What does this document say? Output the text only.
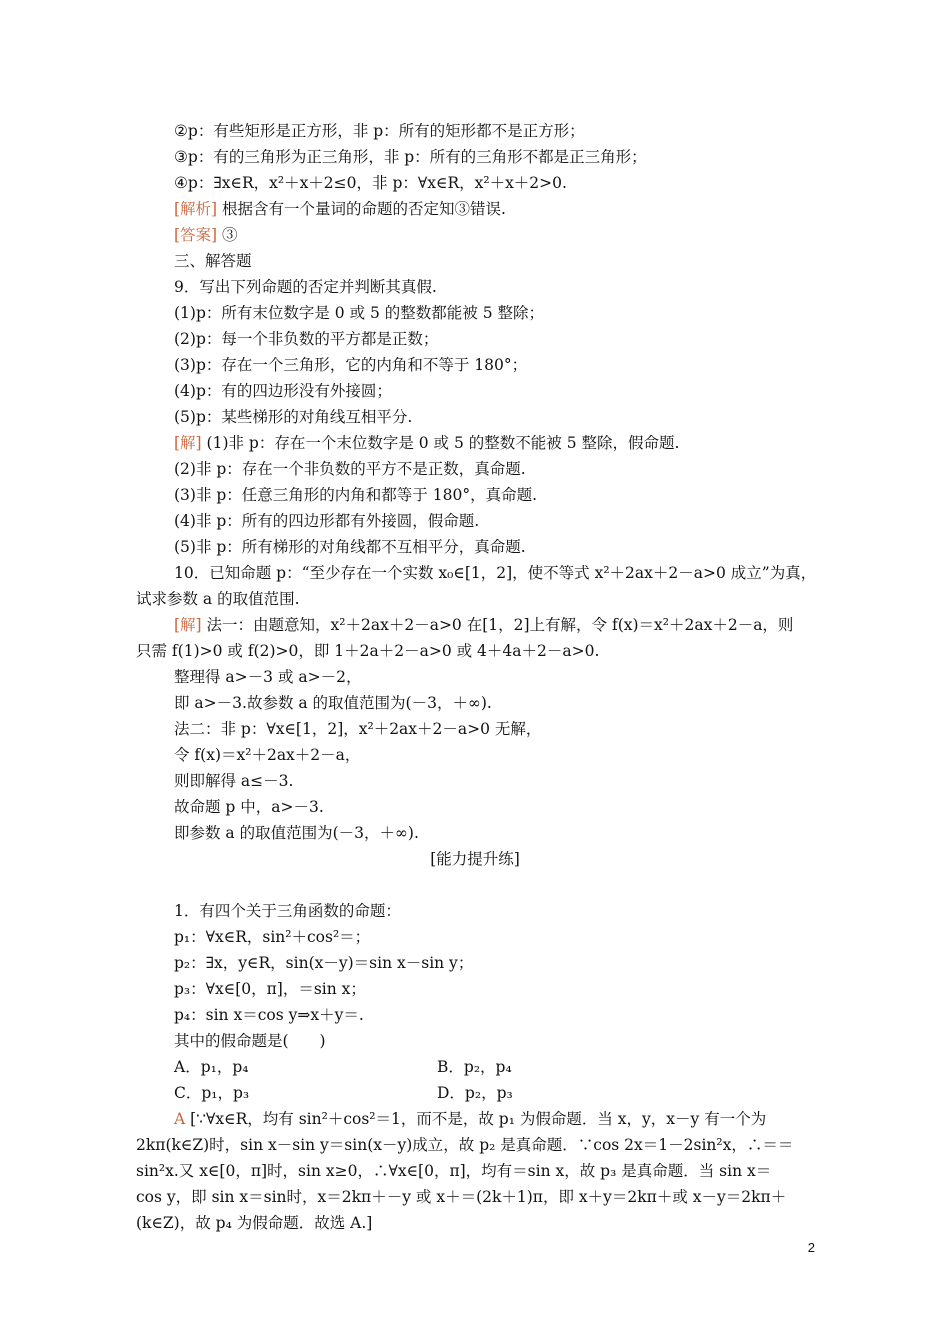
②p：有些矩形是正方形，非 p：所有的矩形都不是正方形；
③p：有的三角形为正三角形，非 p：所有的三角形不都是正三角形；
④p：∃x∈R，x²＋x＋2≤0，非 p：∀x∈R，x²＋x＋2>0.
[解析] 根据含有一个量词的命题的否定知③错误.
[答案] ③
三、解答题
9．写出下列命题的否定并判断其真假.
(1)p：所有末位数字是 0 或 5 的整数都能被 5 整除；
(2)p：每一个非负数的平方都是正数；
(3)p：存在一个三角形，它的内角和不等于 180°；
(4)p：有的四边形没有外接圆；
(5)p：某些梯形的对角线互相平分.
[解] (1)非 p：存在一个末位数字是 0 或 5 的整数不能被 5 整除，假命题.
(2)非 p：存在一个非负数的平方不是正数，真命题.
(3)非 p：任意三角形的内角和都等于 180°，真命题.
(4)非 p：所有的四边形都有外接圆，假命题.
(5)非 p：所有梯形的对角线都不互相平分，真命题.
10．已知命题 p：“至少存在一个实数 x₀∈[1，2]，使不等式 x²＋2ax＋2－a>0 成立”为真，
试求参数 a 的取值范围.
[解] 法一：由题意知，x²＋2ax＋2－a>0 在[1，2]上有解，令 f(x)＝x²＋2ax＋2－a，则
只需 f(1)>0 或 f(2)>0，即 1＋2a＋2－a>0 或 4＋4a＋2－a>0.
整理得 a>－3 或 a>－2，
即 a>－3.故参数 a 的取值范围为(－3，＋∞).
法二：非 p：∀x∈[1，2]，x²＋2ax＋2－a>0 无解，
令 f(x)＝x²＋2ax＋2－a，
则即解得 a≤－3.
故命题 p 中，a>－3.
即参数 a 的取值范围为(－3，＋∞).
[能力提升练]
1．有四个关于三角函数的命题：
p₁：∀x∈R，sin²＋cos²＝；
p₂：∃x，y∈R，sin(x－y)＝sin x－sin y；
p₃：∀x∈[0，π]，＝sin x；
p₄：sin x＝cos y⇒x＋y＝.
其中的假命题是(　　)
A．p₁，p₄	B．p₂，p₄
C．p₁，p₃	D．p₂，p₃
A [∵∀x∈R，均有 sin²＋cos²＝1，而不是，故 p₁ 为假命题．当 x，y，x－y 有一个为
2kπ(k∈Z)时，sin x－sin y＝sin(x－y)成立，故 p₂ 是真命题．∵cos 2x＝1－2sin²x，∴＝＝
sin²x.又 x∈[0，π]时，sin x≥0，∴∀x∈[0，π]，均有＝sin x，故 p₃ 是真命题．当 sin x＝
cos y，即 sin x＝sin时，x＝2kπ＋－y 或 x＋＝(2k＋1)π，即 x＋y＝2kπ＋或 x－y＝2kπ＋
(k∈Z)，故 p₄ 为假命题．故选 A.]
2
